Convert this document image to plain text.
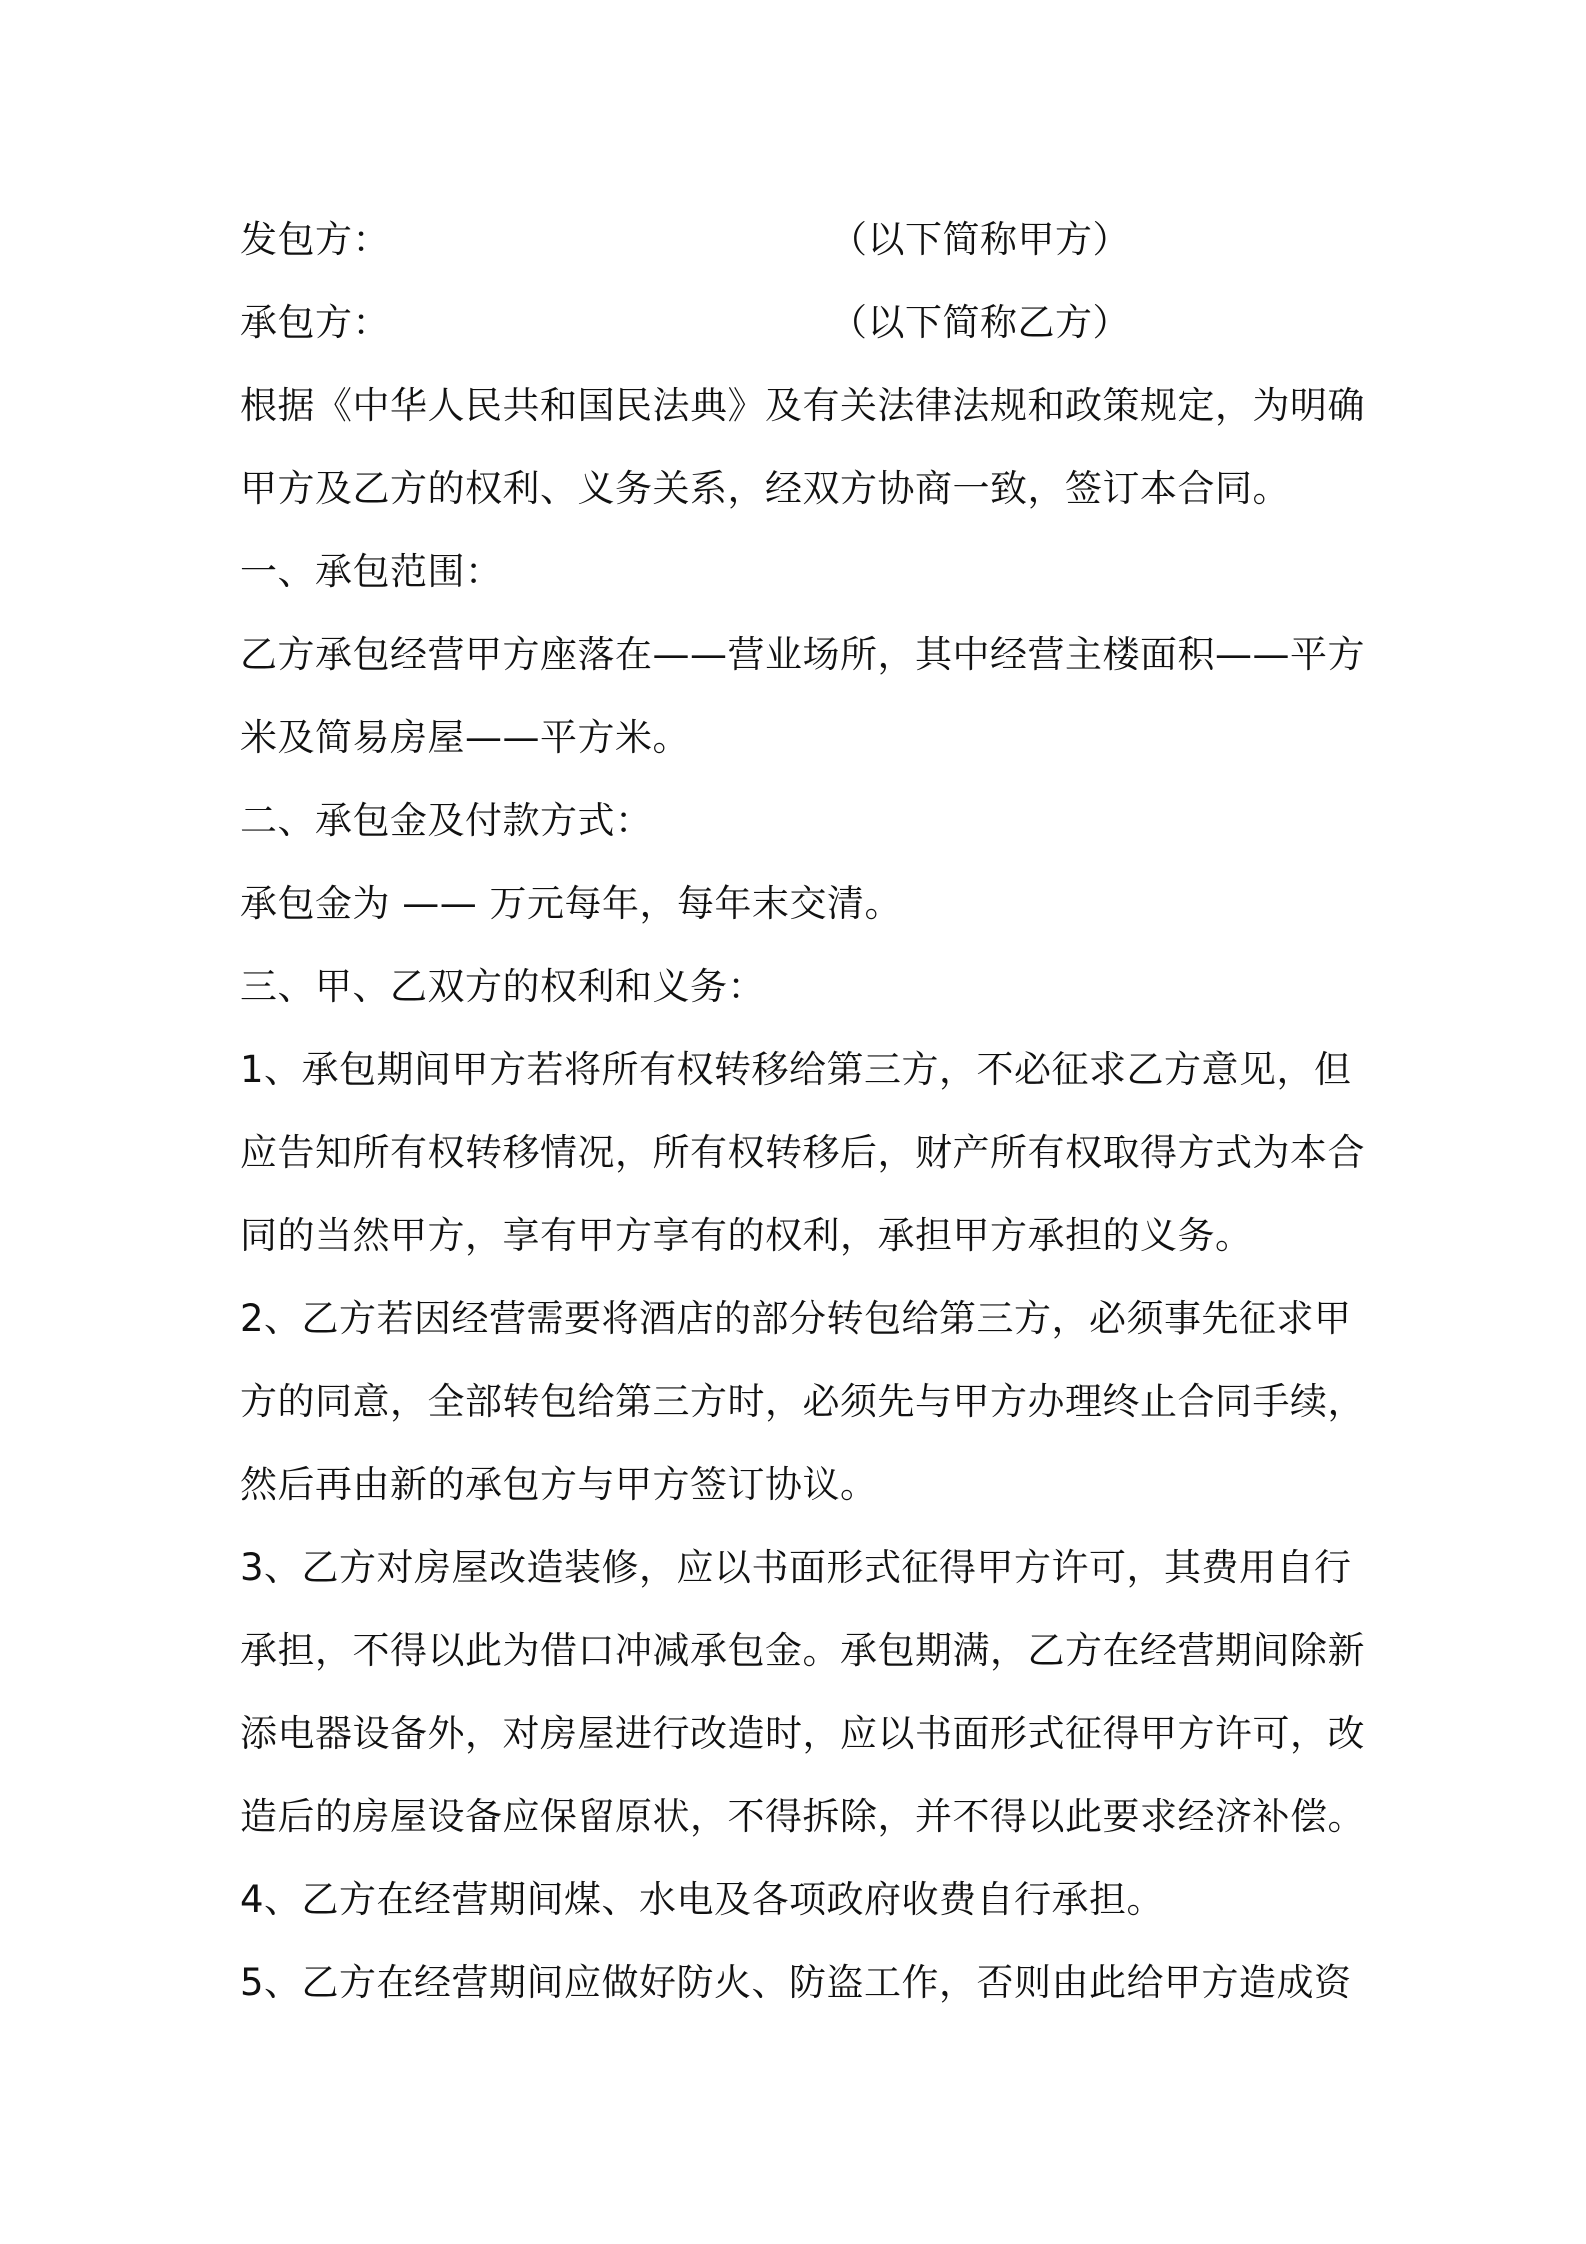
发包方：	（以下简称甲方）
承包方：	（以下简称乙方）
根据《中华人民共和国民法典》及有关法律法规和政策规定，为明确
甲方及乙方的权利、义务关系，经双方协商一致，签订本合同。
一、承包范围：
乙方承包经营甲方座落在——营业场所，其中经营主楼面积——平方
米及简易房屋——平方米。
二、承包金及付款方式：
承包金为 —— 万元每年，每年末交清。
三、甲、乙双方的权利和义务：
1、承包期间甲方若将所有权转移给第三方，不必征求乙方意见，但
应告知所有权转移情况，所有权转移后，财产所有权取得方式为本合
同的当然甲方，享有甲方享有的权利，承担甲方承担的义务。
2、乙方若因经营需要将酒店的部分转包给第三方，必须事先征求甲
方的同意，全部转包给第三方时，必须先与甲方办理终止合同手续，
然后再由新的承包方与甲方签订协议。
3、乙方对房屋改造装修，应以书面形式征得甲方许可，其费用自行
承担，不得以此为借口冲减承包金。承包期满，乙方在经营期间除新
添电器设备外，对房屋进行改造时，应以书面形式征得甲方许可，改
造后的房屋设备应保留原状，不得拆除，并不得以此要求经济补偿。
4、乙方在经营期间煤、水电及各项政府收费自行承担。
5、乙方在经营期间应做好防火、防盗工作，否则由此给甲方造成资
